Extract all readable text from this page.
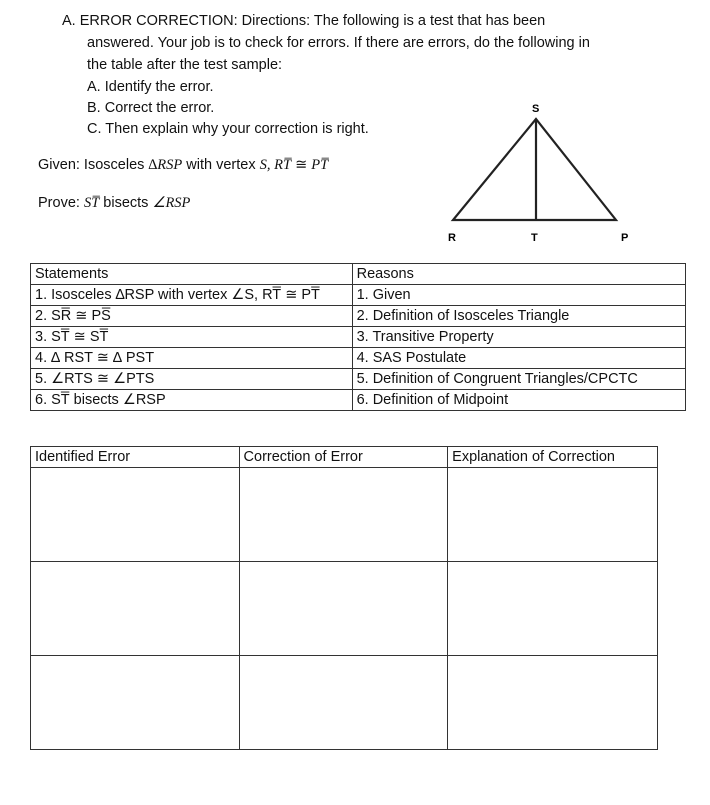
A. ERROR CORRECTION: Directions: The following is a test that has been
answered. Your job is to check for errors. If there are errors, do the following in
the table after the test sample:
A. Identify the error.
B. Correct the error.
C. Then explain why your correction is right.
Given: Isosceles ∆RSP with vertex S, RT̅ ≅ PT̅
Prove: ST̅ bisects ∠RSP
S
R	T	P
Statements	Reasons
1. Isosceles ∆RSP with vertex ∠S, RT̅ ≅ PT̅	1. Given
2. SR̅ ≅ PS̅	2. Definition of Isosceles Triangle
3. ST̅ ≅ ST̅	3. Transitive Property
4. ∆ RST ≅ ∆ PST	4. SAS Postulate
5. ∠RTS ≅ ∠PTS	5. Definition of Congruent Triangles/CPCTC
6. ST̅ bisects ∠RSP	6. Definition of Midpoint
Identified Error	Correction of Error	Explanation of Correction
